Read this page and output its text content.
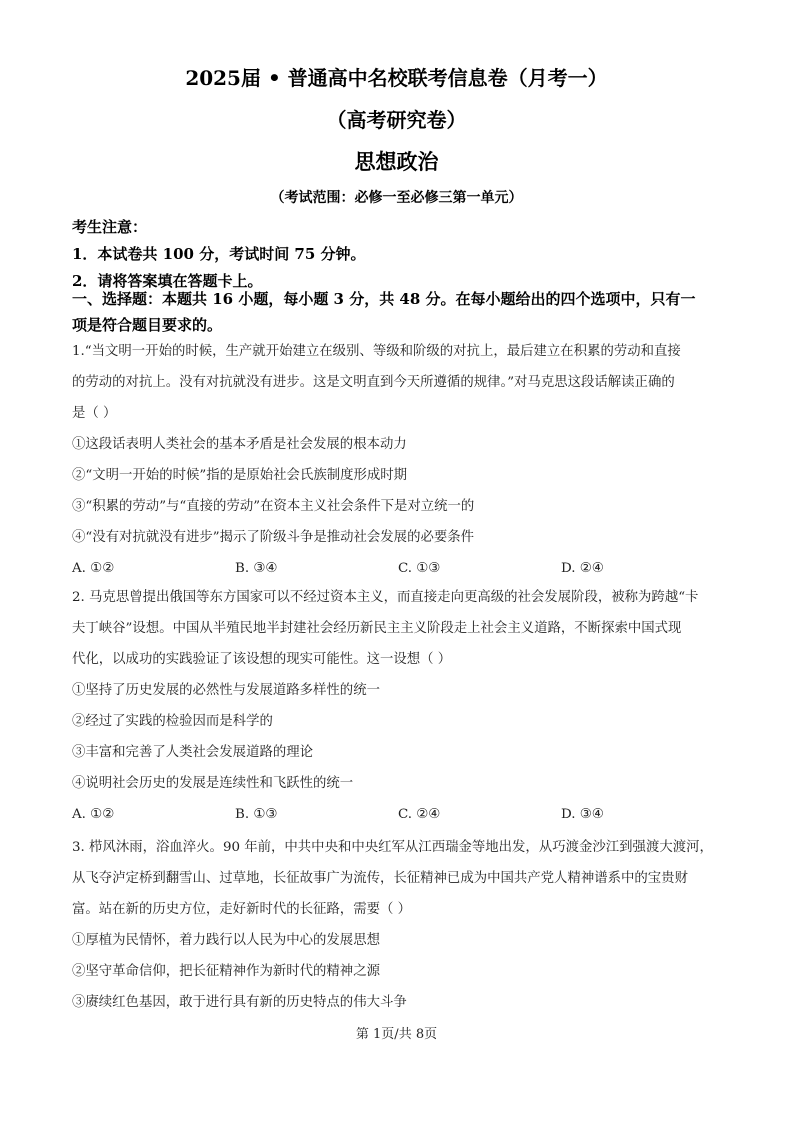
2025届 • 普通高中名校联考信息卷（月考一）
（高考研究卷）
思想政治
（考试范围：必修一至必修三第一单元）
考生注意：
1．本试卷共 100 分，考试时间 75 分钟。
2．请将答案填在答题卡上。
一、选择题：本题共 16 小题，每小题 3 分，共 48 分。在每小题给出的四个选项中，只有一
项是符合题目要求的。
1.“当文明一开始的时候，生产就开始建立在级别、等级和阶级的对抗上，最后建立在积累的劳动和直接
的劳动的对抗上。没有对抗就没有进步。这是文明直到今天所遵循的规律。”对马克思这段话解读正确的
是（ ）
①这段话表明人类社会的基本矛盾是社会发展的根本动力
②“文明一开始的时候”指的是原始社会氏族制度形成时期
③“积累的劳动”与“直接的劳动”在资本主义社会条件下是对立统一的
④“没有对抗就没有进步”揭示了阶级斗争是推动社会发展的必要条件
A. ①②	B. ③④	C. ①③	D. ②④
2. 马克思曾提出俄国等东方国家可以不经过资本主义，而直接走向更高级的社会发展阶段，被称为跨越“卡
夫丁峡谷”设想。中国从半殖民地半封建社会经历新民主主义阶段走上社会主义道路，不断探索中国式现
代化，以成功的实践验证了该设想的现实可能性。这一设想（ ）
①坚持了历史发展的必然性与发展道路多样性的统一
②经过了实践的检验因而是科学的
③丰富和完善了人类社会发展道路的理论
④说明社会历史的发展是连续性和飞跃性的统一
A. ①②	B. ①③	C. ②④	D. ③④
3. 栉风沐雨，浴血淬火。90 年前，中共中央和中央红军从江西瑞金等地出发，从巧渡金沙江到强渡大渡河，
从飞夺泸定桥到翻雪山、过草地，长征故事广为流传，长征精神已成为中国共产党人精神谱系中的宝贵财
富。站在新的历史方位，走好新时代的长征路，需要（ ）
①厚植为民情怀，着力践行以人民为中心的发展思想
②坚守革命信仰，把长征精神作为新时代的精神之源
③赓续红色基因，敢于进行具有新的历史特点的伟大斗争
第 1页/共 8页
